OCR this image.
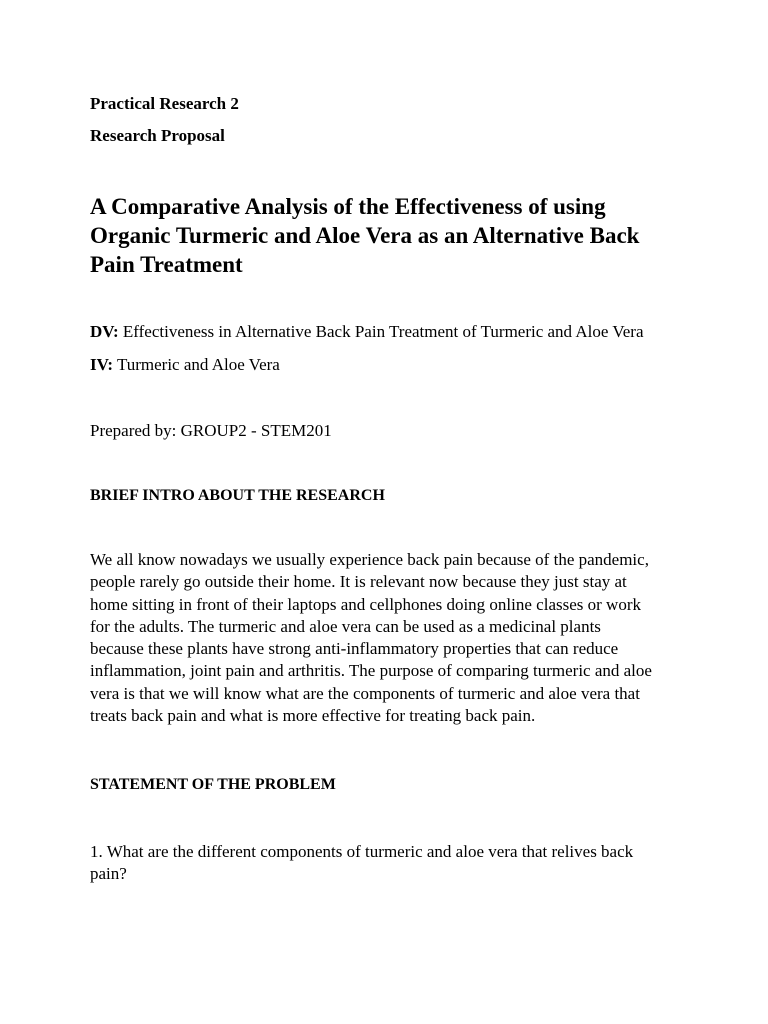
Practical Research 2

Research Proposal

A Comparative Analysis of the Effectiveness of using
Organic Turmeric and Aloe Vera as an Alternative Back
Pain Treatment

DV: Effectiveness in Alternative Back Pain Treatment of Turmeric and Aloe Vera

IV: Turmeric and Aloe Vera

Prepared by: GROUP2 - STEM201

BRIEF INTRO ABOUT THE RESEARCH

We all know nowadays we usually experience back pain because of the pandemic,
people rarely go outside their home. It is relevant now because they just stay at
home sitting in front of their laptops and cellphones doing online classes or work
for the adults. The turmeric and aloe vera can be used as a medicinal plants
because these plants have strong anti-inflammatory properties that can reduce
inflammation, joint pain and arthritis. The purpose of comparing turmeric and aloe
vera is that we will know what are the components of turmeric and aloe vera that
treats back pain and what is more effective for treating back pain.

STATEMENT OF THE PROBLEM

1. What are the different components of turmeric and aloe vera that relives back
pain?
